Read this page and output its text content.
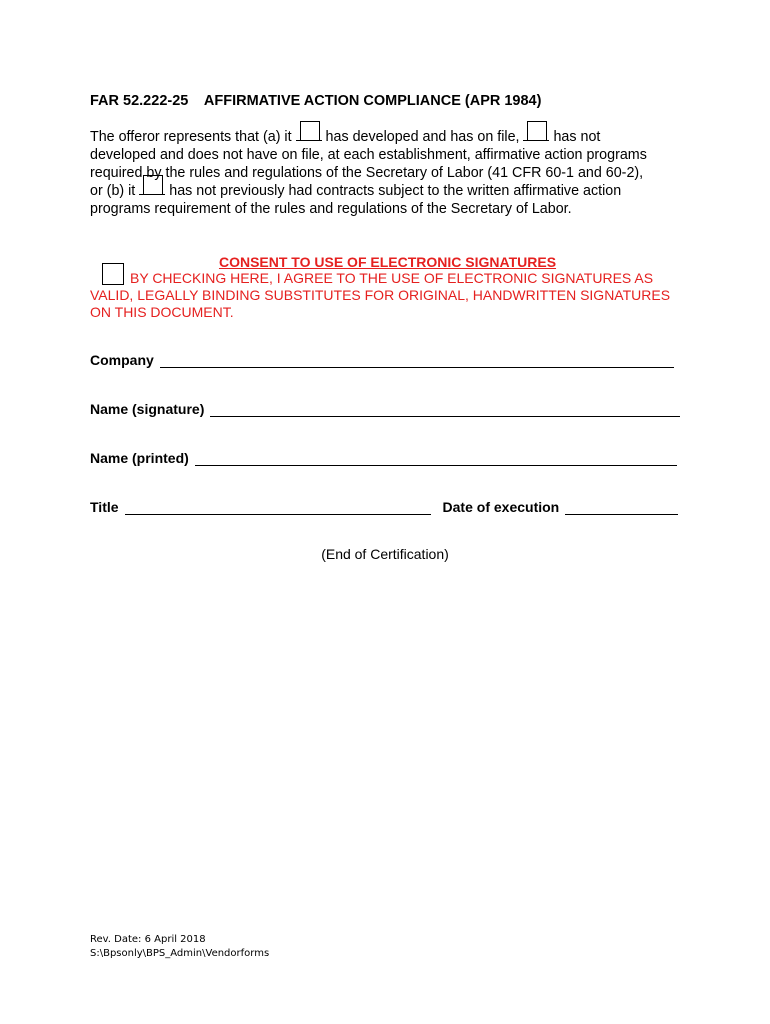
FAR 52.222-25    AFFIRMATIVE ACTION COMPLIANCE (APR 1984)
The offeror represents that (a) it has developed and has on file, has not
developed and does not have on file, at each establishment, affirmative action programs
required by the rules and regulations of the Secretary of Labor (41 CFR 60-1 and 60-2),
or (b) it has not previously had contracts subject to the written affirmative action
programs requirement of the rules and regulations of the Secretary of Labor.
CONSENT TO USE OF ELECTRONIC SIGNATURES
BY CHECKING HERE, I AGREE TO THE USE OF ELECTRONIC SIGNATURES AS
VALID, LEGALLY BINDING SUBSTITUTES FOR ORIGINAL, HANDWRITTEN SIGNATURES
ON THIS DOCUMENT.
Company
Name (signature)
Name (printed)
Title	Date of execution
(End of Certification)
Rev. Date: 6 April 2018
S:\Bpsonly\BPS_Admin\Vendorforms
